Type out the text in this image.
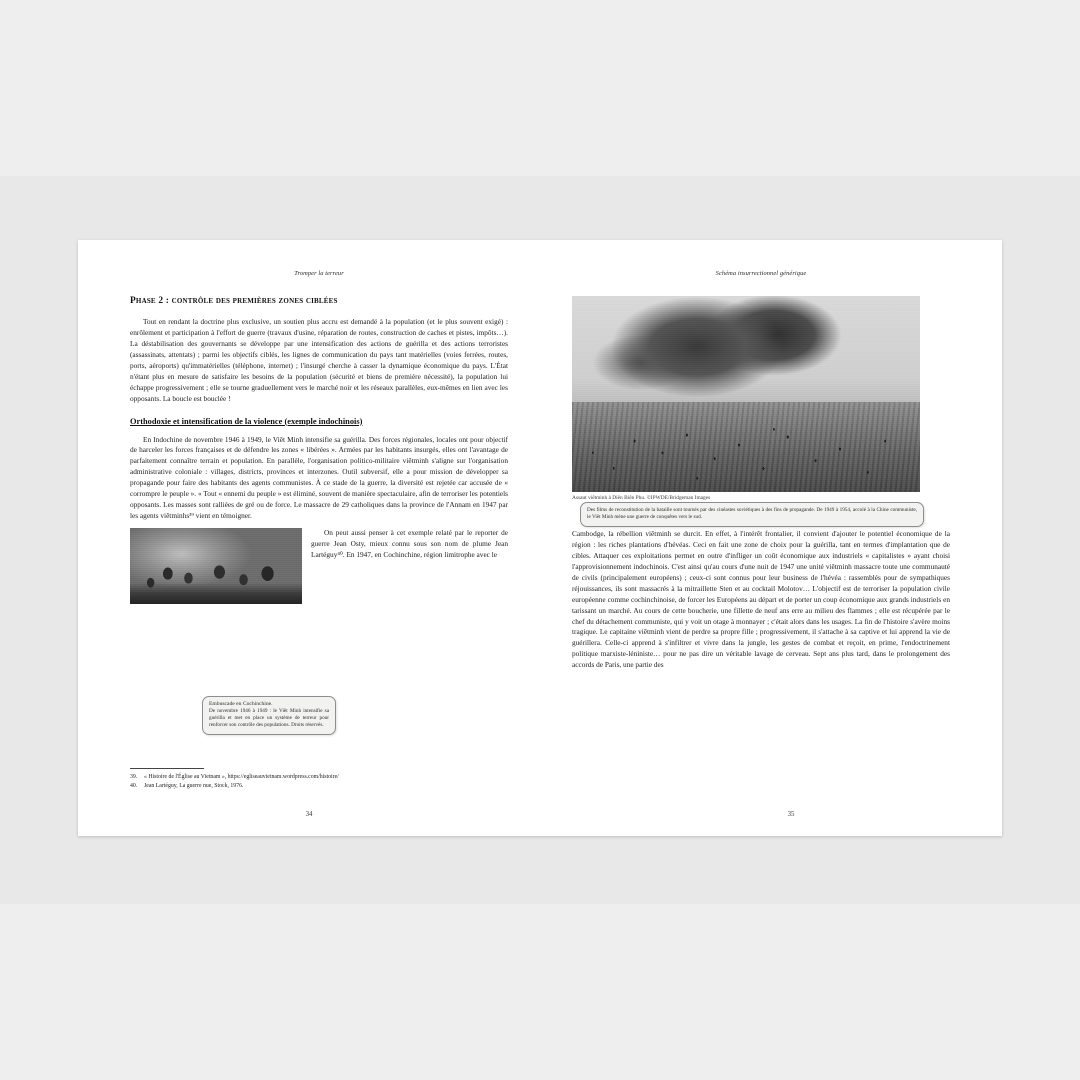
Tromper la terreur
Phase 2 : contrôle des premières zones ciblées

Tout en rendant la doctrine plus exclusive, un soutien plus accru est demandé à la population (et le plus souvent exigé) : enrôlement et participation à l'effort de guerre (travaux d'usine, réparation de routes, construction de caches et pistes, impôts…). La déstabilisation des gouvernants se développe par une intensification des actions de guérilla et des actions terroristes (assassinats, attentats) ; parmi les objectifs ciblés, les lignes de communication du pays tant matérielles (voies ferrées, routes, ports, aéroports) qu'immatérielles (téléphone, internet) ; l'insurgé cherche à casser la dynamique économique du pays. L'État n'étant plus en mesure de satisfaire les besoins de la population (sécurité et biens de première nécessité), la population lui échappe progressivement ; elle se tourne graduellement vers le marché noir et les réseaux parallèles, eux-mêmes en lien avec les opposants. La boucle est bouclée !

Orthodoxie et intensification de la violence (exemple indochinois)

En Indochine de novembre 1946 à 1949, le Viêt Minh intensifie sa guérilla. Des forces régionales, locales ont pour objectif de harceler les forces françaises et de défendre les zones « libérées ». Armées par les habitants insurgés, elles ont l'avantage de parfaitement connaître terrain et population. En parallèle, l'organisation politico-militaire viêtminh s'aligne sur l'organisation administrative coloniale : villages, districts, provinces et interzones. Outil subversif, elle a pour mission de développer sa propagande pour faire des habitants des agents communistes. À ce stade de la guerre, la diversité est rejetée car accusée de « corrompre le peuple ». « Tout « ennemi du peuple » est éliminé, souvent de manière spectaculaire, afin de terroriser les potentiels opposants. Les masses sont ralliées de gré ou de force. Le massacre de 29 catholiques dans la province de l'Annam en 1947 par les agents viêtminhs³⁹ vient en témoigner.

On peut aussi penser à cet exemple relaté par le reporter de guerre Jean Osty, mieux connu sous son nom de plume Jean Lartéguy⁴⁰. En 1947, en Cochinchine, région limitrophe avec le

Embuscade en Cochinchine.
De novembre 1946 à 1949 : le Viêt Minh intensifie sa guérilla et met en place un système de terreur pour renforcer son contrôle des populations. Droits réservés.

39. « Histoire de l'Église au Vietnam », https://egliseauvietnam.wordpress.com/histoire/

40. Jean Lartéguy, La guerre nue, Stock, 1976.

34
Schéma insurrectionnel générique

Assaut viêtminh à Diên Biên Phu. ©IPWDE/Bridgeman Images

Des films de reconstitution de la bataille sont tournés par des cinéastes soviétiques à des fins de propagande. De 1949 à 1954, accolé à la Chine communiste, le Viêt Minh mène une guerre de conquêtes vers le sud.

Cambodge, la rébellion viêtminh se durcit. En effet, à l'intérêt frontalier, il convient d'ajouter le potentiel économique de la région : les riches plantations d'hévéas. Ceci en fait une zone de choix pour la guérilla, tant en termes d'implantation que de cibles. Attaquer ces exploitations permet en outre d'infliger un coût économique aux industriels « capitalistes » ayant choisi l'approvisionnement indochinois. C'est ainsi qu'au cours d'une nuit de 1947 une unité viêtminh massacre toute une communauté de civils (principalement européens) ; ceux-ci sont connus pour leur business de l'hévéa : rassemblés pour de sympathiques réjouissances, ils sont massacrés à la mitraillette Sten et au cocktail Molotov… L'objectif est de terroriser la population civile européenne comme cochinchinoise, de forcer les Européens au départ et de porter un coup économique aux grands industriels en tarissant un marché. Au cours de cette boucherie, une fillette de neuf ans erre au milieu des flammes ; elle est récupérée par le chef du détachement communiste, qui y voit un otage à monnayer ; c'était alors dans les usages. La fin de l'histoire s'avère moins tragique. Le capitaine viêtminh vient de perdre sa propre fille ; progressivement, il s'attache à sa captive et lui apprend la vie de guérillera. Celle-ci apprend à s'infiltrer et vivre dans la jungle, les gestes de combat et reçoit, en prime, l'endoctrinement politique marxiste-léniniste… pour ne pas dire un véritable lavage de cerveau. Sept ans plus tard, dans le prolongement des accords de Paris, une partie des

35
